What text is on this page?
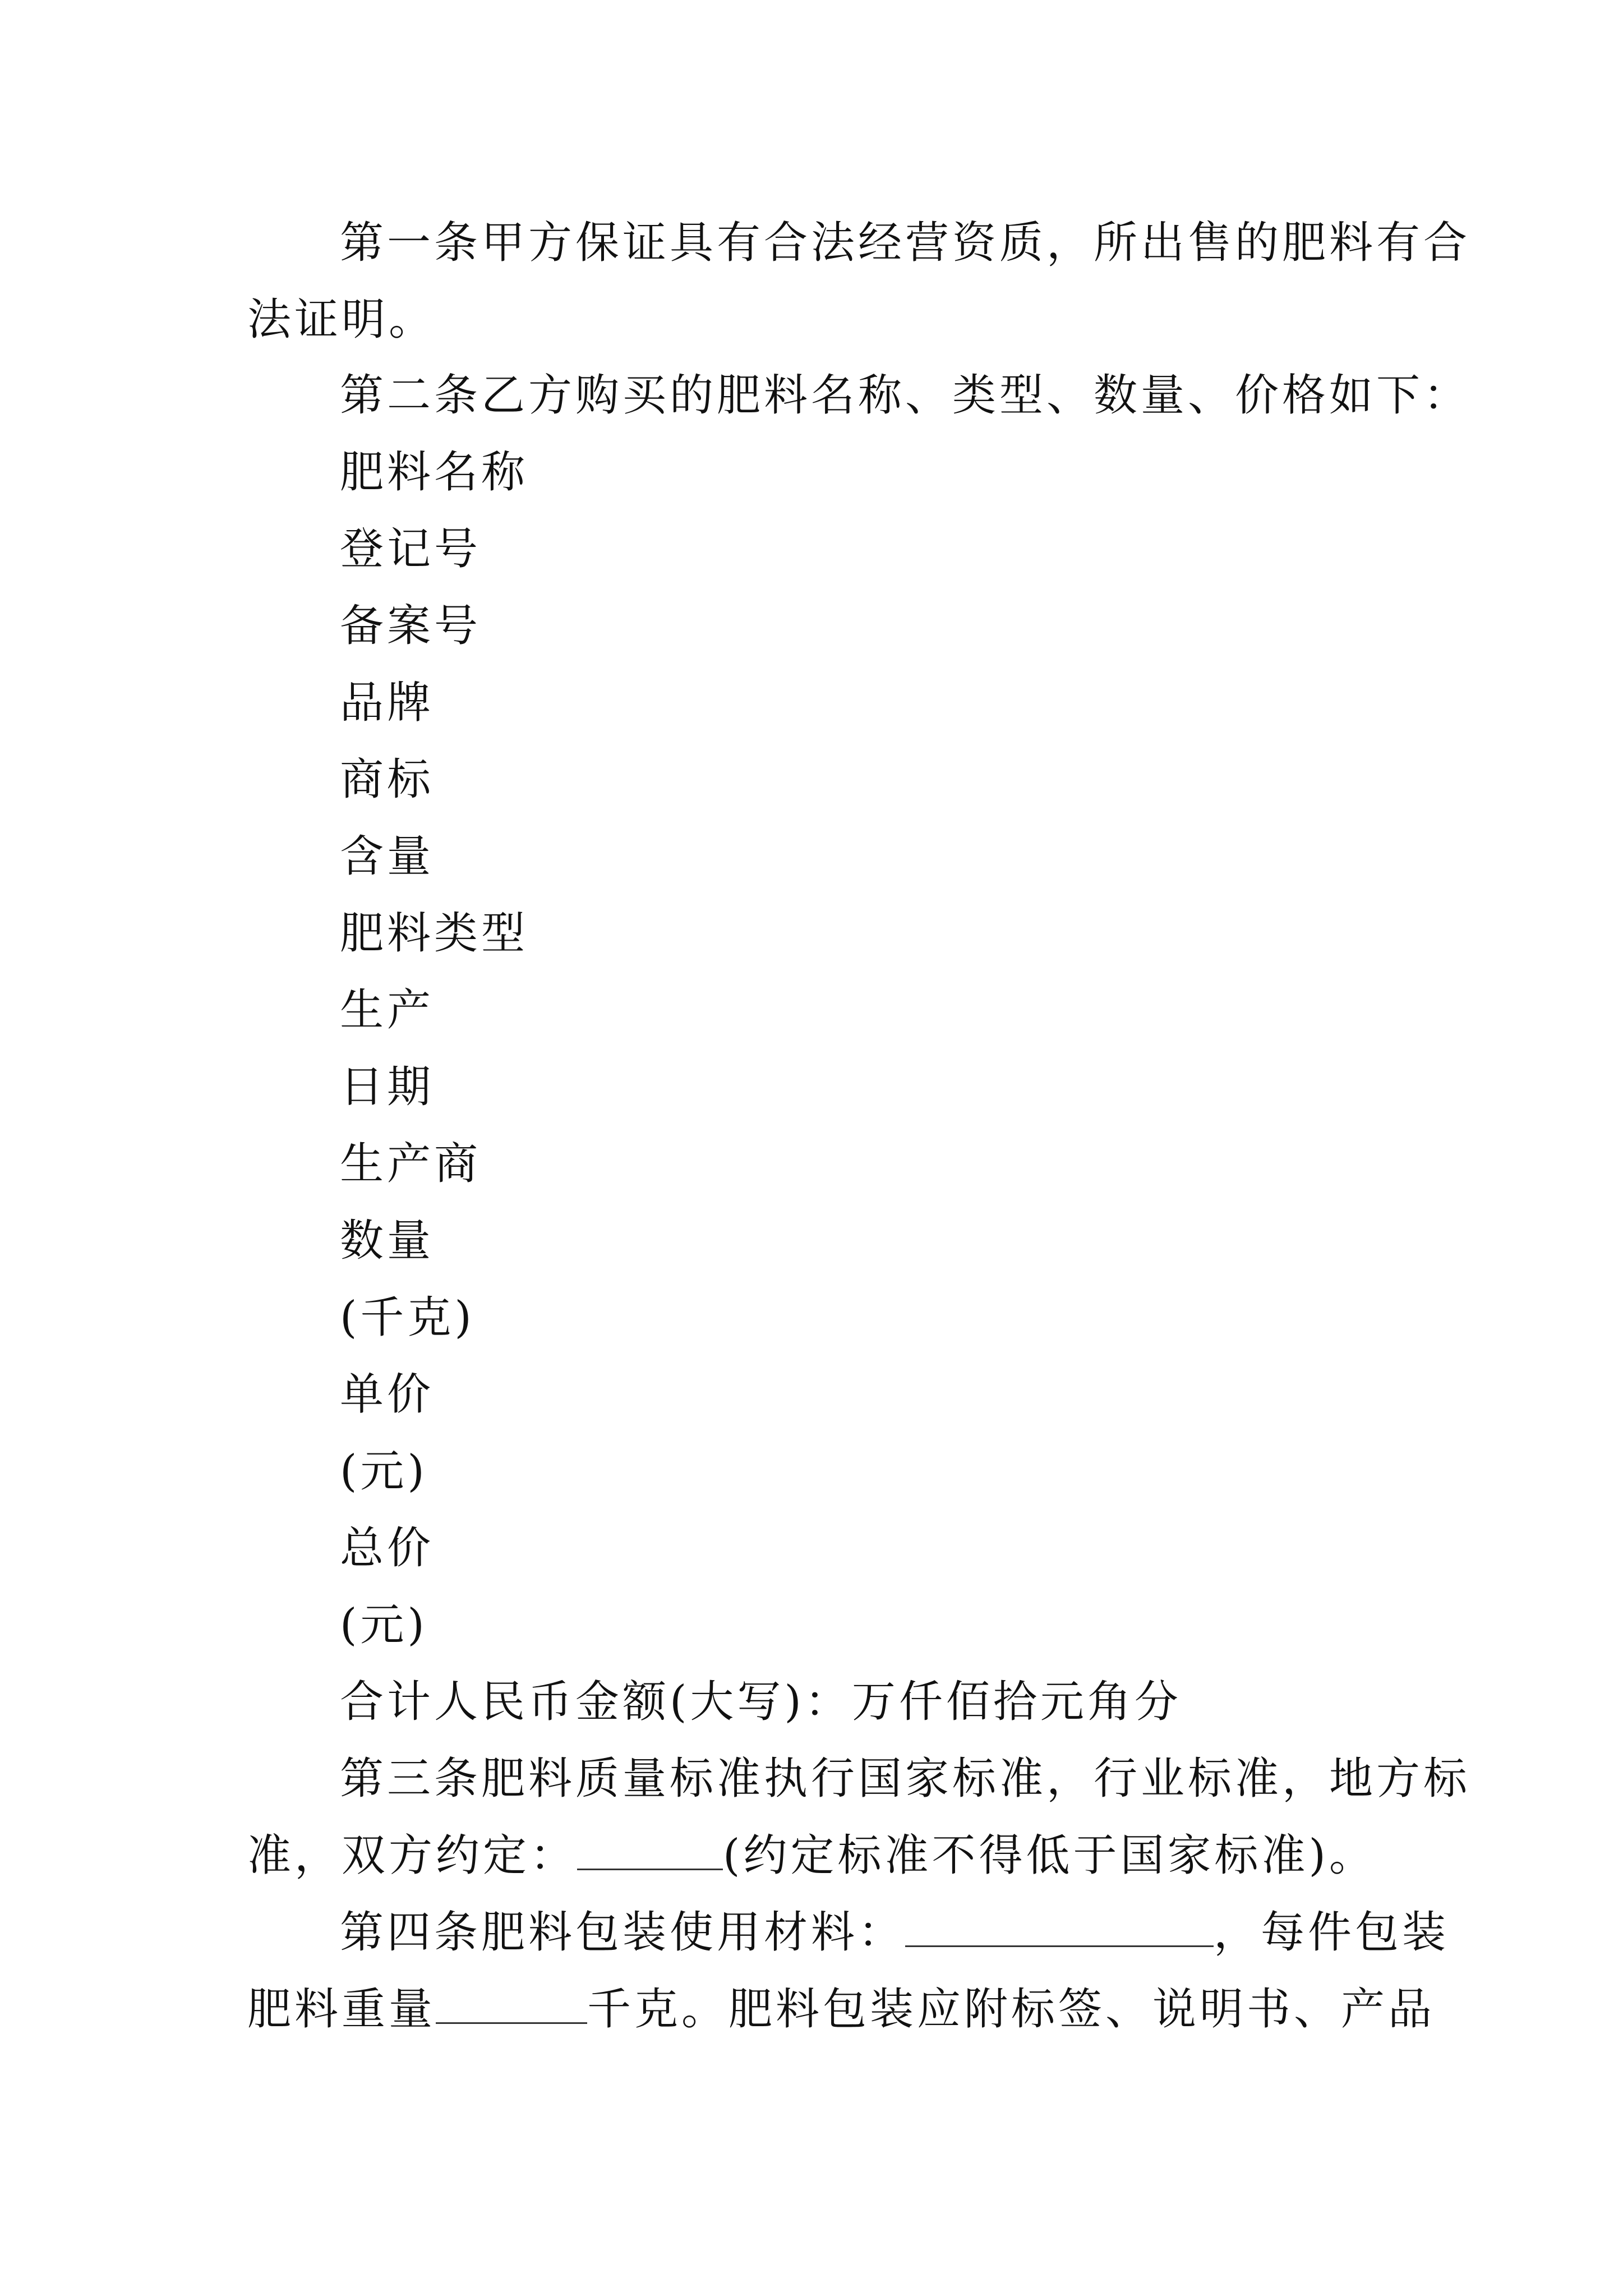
第一条甲方保证具有合法经营资质，所出售的肥料有合
法证明。
第二条乙方购买的肥料名称、类型、数量、价格如下：
肥料名称
登记号
备案号
品牌
商标
含量
肥料类型
生产
日期
生产商
数量
(千克)
单价
(元)
总价
(元)
合计人民币金额(大写)：万仟佰拾元角分
第三条肥料质量标准执行国家标准，行业标准，地方标
准，双方约定：	(约定标准不得低于国家标准)。
第四条肥料包装使用材料：	，每件包装
肥料重量	千克。肥料包装应附标签、说明书、产品
